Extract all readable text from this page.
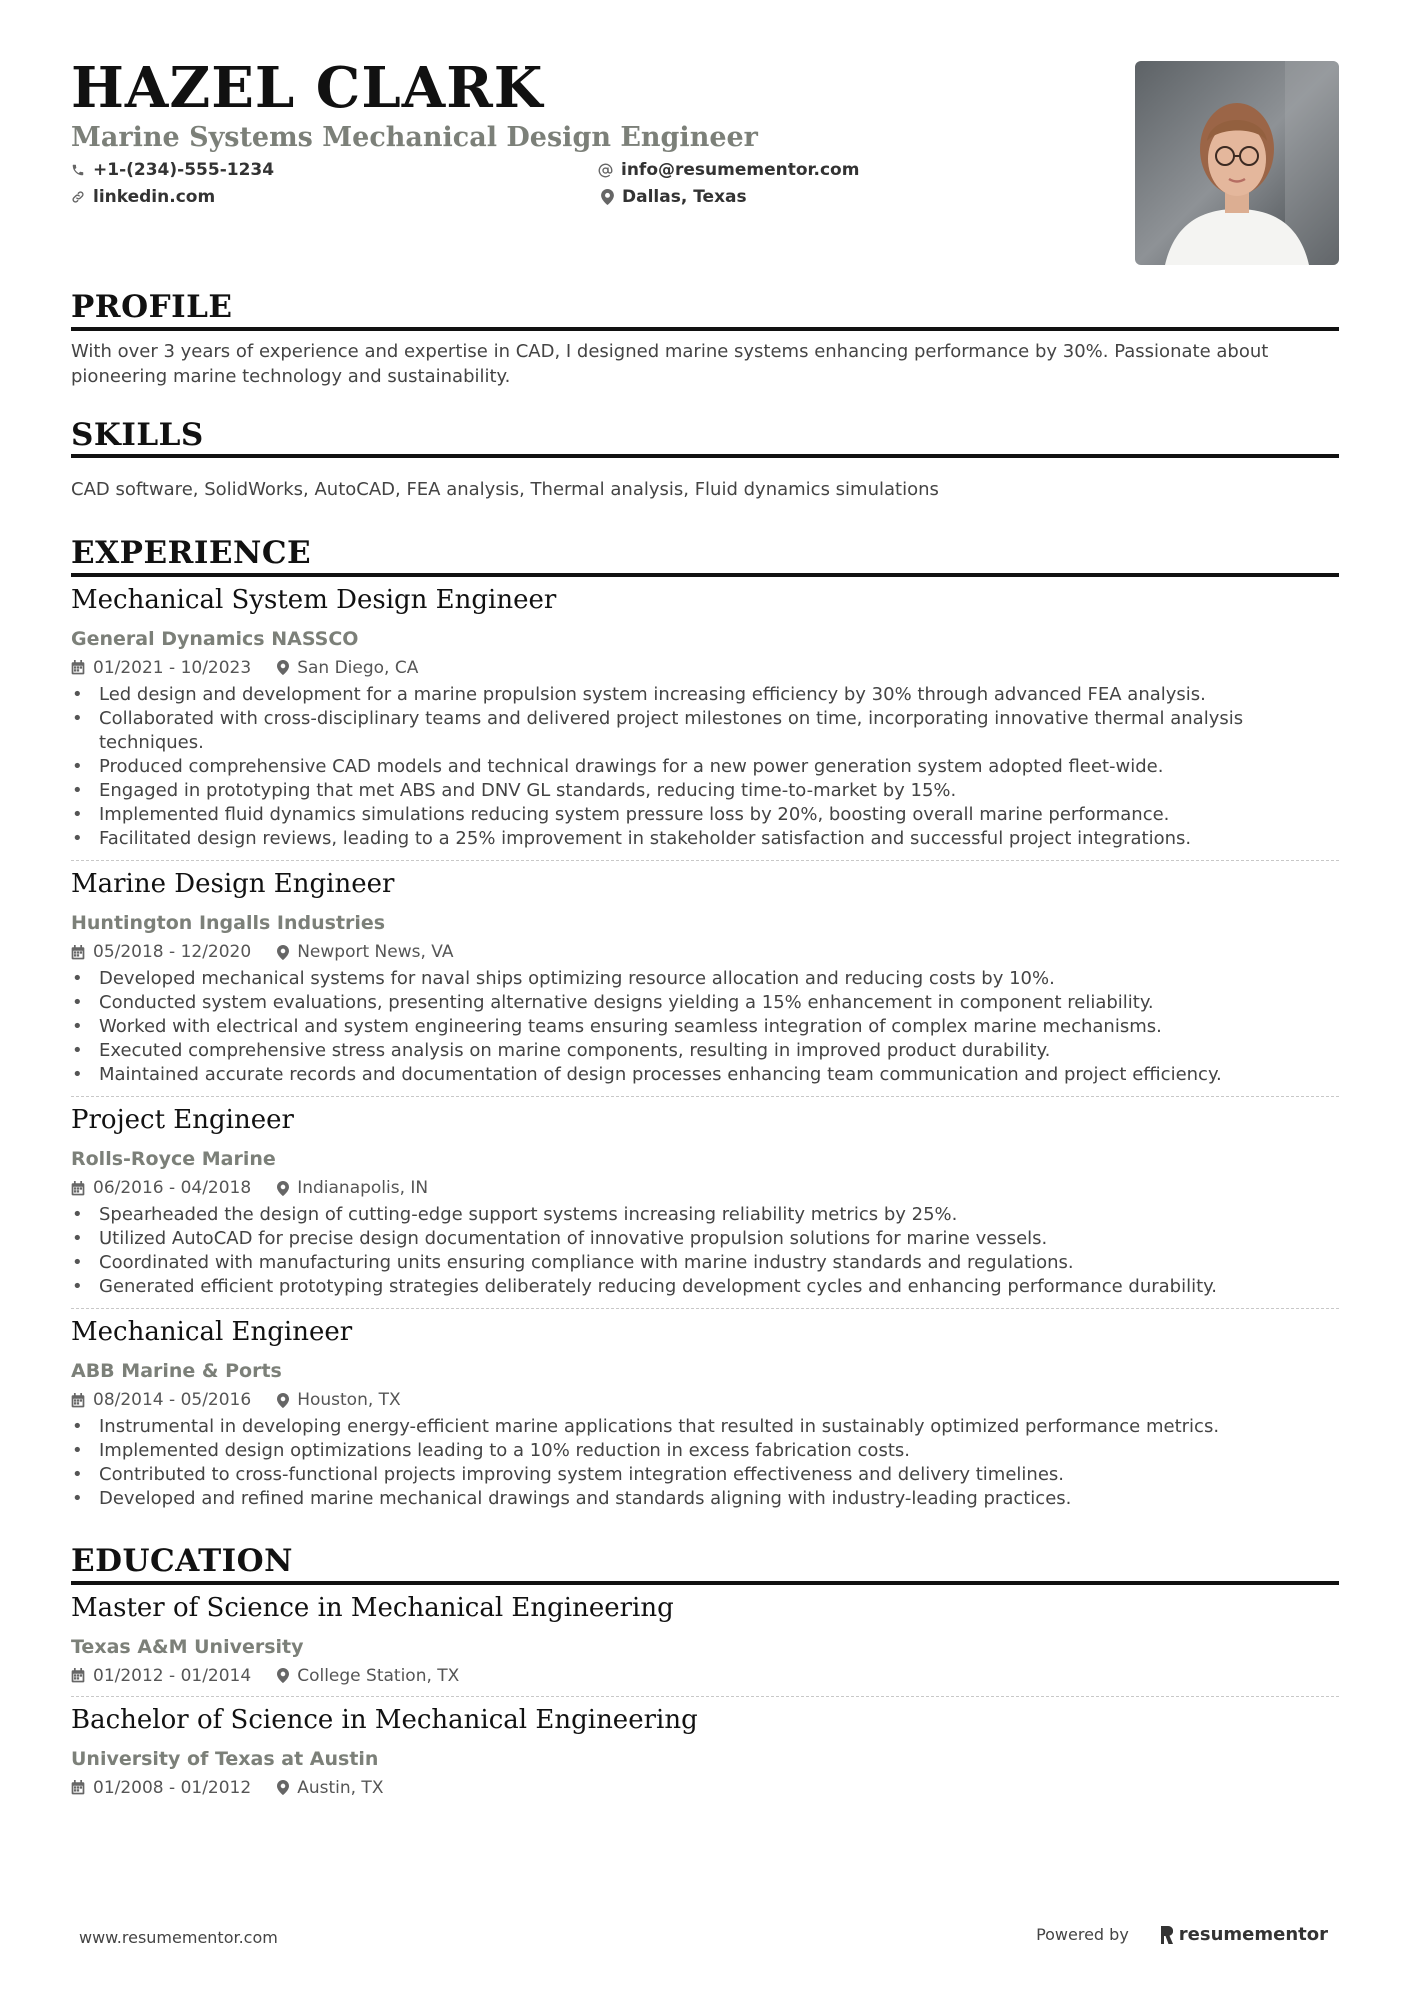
HAZEL CLARK
Marine Systems Mechanical Design Engineer
+1-(234)-555-1234
linkedin.com
info@resumementor.com
Dallas, Texas
PROFILE
With over 3 years of experience and expertise in CAD, I designed marine systems enhancing performance by 30%. Passionate about pioneering marine technology and sustainability.
SKILLS
CAD software, SolidWorks, AutoCAD, FEA analysis, Thermal analysis, Fluid dynamics simulations
EXPERIENCE
Mechanical System Design Engineer
General Dynamics NASSCO
01/2021 - 10/2023	San Diego, CA
• Led design and development for a marine propulsion system increasing efficiency by 30% through advanced FEA analysis.
• Collaborated with cross-disciplinary teams and delivered project milestones on time, incorporating innovative thermal analysis techniques.
• Produced comprehensive CAD models and technical drawings for a new power generation system adopted fleet-wide.
• Engaged in prototyping that met ABS and DNV GL standards, reducing time-to-market by 15%.
• Implemented fluid dynamics simulations reducing system pressure loss by 20%, boosting overall marine performance.
• Facilitated design reviews, leading to a 25% improvement in stakeholder satisfaction and successful project integrations.
Marine Design Engineer
Huntington Ingalls Industries
05/2018 - 12/2020	Newport News, VA
• Developed mechanical systems for naval ships optimizing resource allocation and reducing costs by 10%.
• Conducted system evaluations, presenting alternative designs yielding a 15% enhancement in component reliability.
• Worked with electrical and system engineering teams ensuring seamless integration of complex marine mechanisms.
• Executed comprehensive stress analysis on marine components, resulting in improved product durability.
• Maintained accurate records and documentation of design processes enhancing team communication and project efficiency.
Project Engineer
Rolls-Royce Marine
06/2016 - 04/2018	Indianapolis, IN
• Spearheaded the design of cutting-edge support systems increasing reliability metrics by 25%.
• Utilized AutoCAD for precise design documentation of innovative propulsion solutions for marine vessels.
• Coordinated with manufacturing units ensuring compliance with marine industry standards and regulations.
• Generated efficient prototyping strategies deliberately reducing development cycles and enhancing performance durability.
Mechanical Engineer
ABB Marine & Ports
08/2014 - 05/2016	Houston, TX
• Instrumental in developing energy-efficient marine applications that resulted in sustainably optimized performance metrics.
• Implemented design optimizations leading to a 10% reduction in excess fabrication costs.
• Contributed to cross-functional projects improving system integration effectiveness and delivery timelines.
• Developed and refined marine mechanical drawings and standards aligning with industry-leading practices.
EDUCATION
Master of Science in Mechanical Engineering
Texas A&M University
01/2012 - 01/2014	College Station, TX
Bachelor of Science in Mechanical Engineering
University of Texas at Austin
01/2008 - 01/2012	Austin, TX
www.resumementor.com	Powered by	resumementor
